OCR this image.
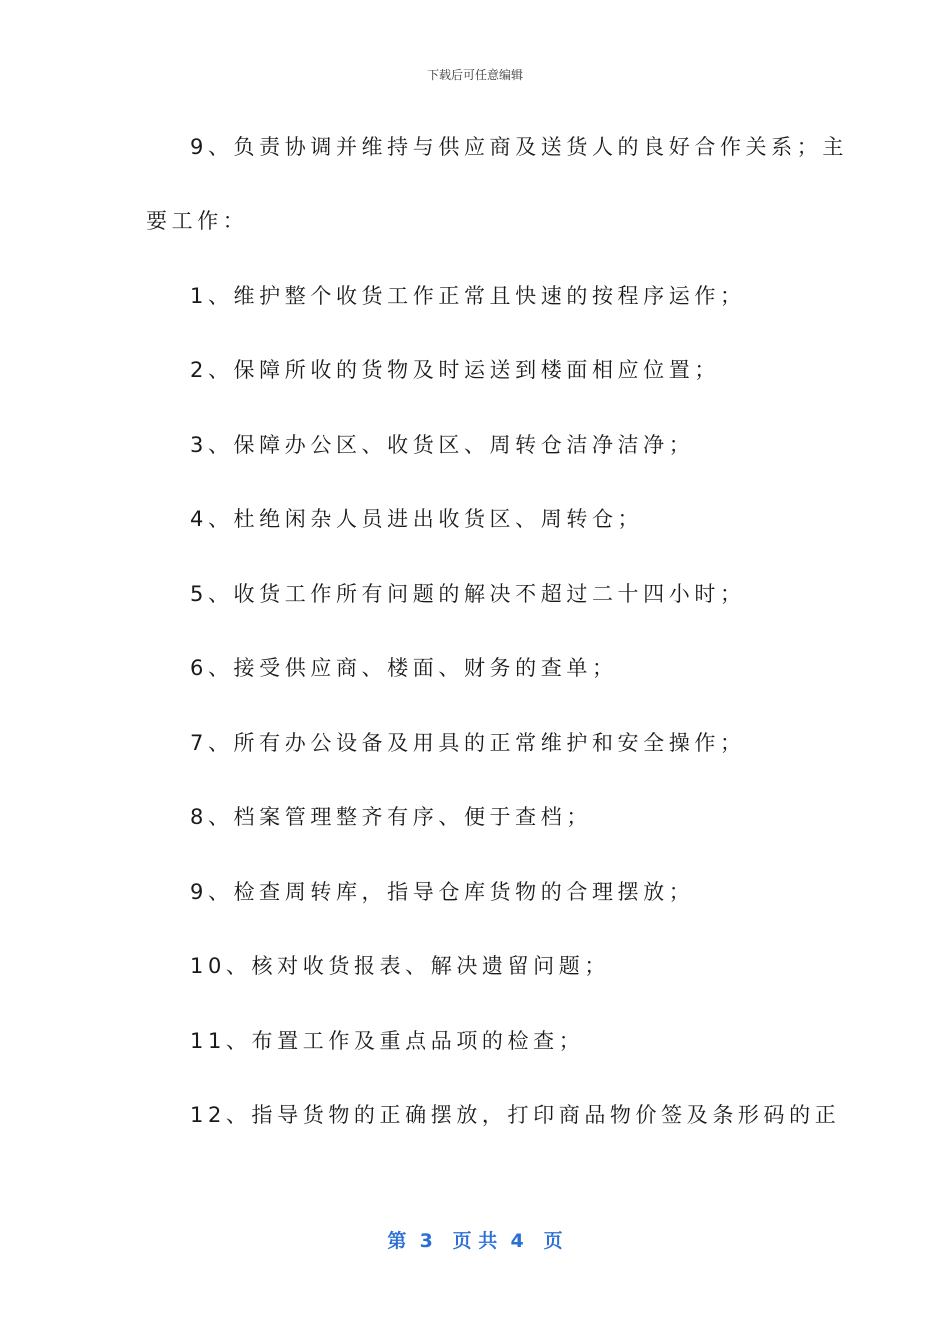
下载后可任意编辑
9、负责协调并维持与供应商及送货人的良好合作关系；主
要工作：
1、维护整个收货工作正常且快速的按程序运作；
2、保障所收的货物及时运送到楼面相应位置；
3、保障办公区、收货区、周转仓洁净洁净；
4、杜绝闲杂人员进出收货区、周转仓；
5、收货工作所有问题的解决不超过二十四小时；
6、接受供应商、楼面、财务的查单；
7、所有办公设备及用具的正常维护和安全操作；
8、档案管理整齐有序、便于查档；
9、检查周转库，指导仓库货物的合理摆放；
10、核对收货报表、解决遗留问题；
11、布置工作及重点品项的检查；
12、指导货物的正确摆放，打印商品物价签及条形码的正
第  3   页 共  4   页
